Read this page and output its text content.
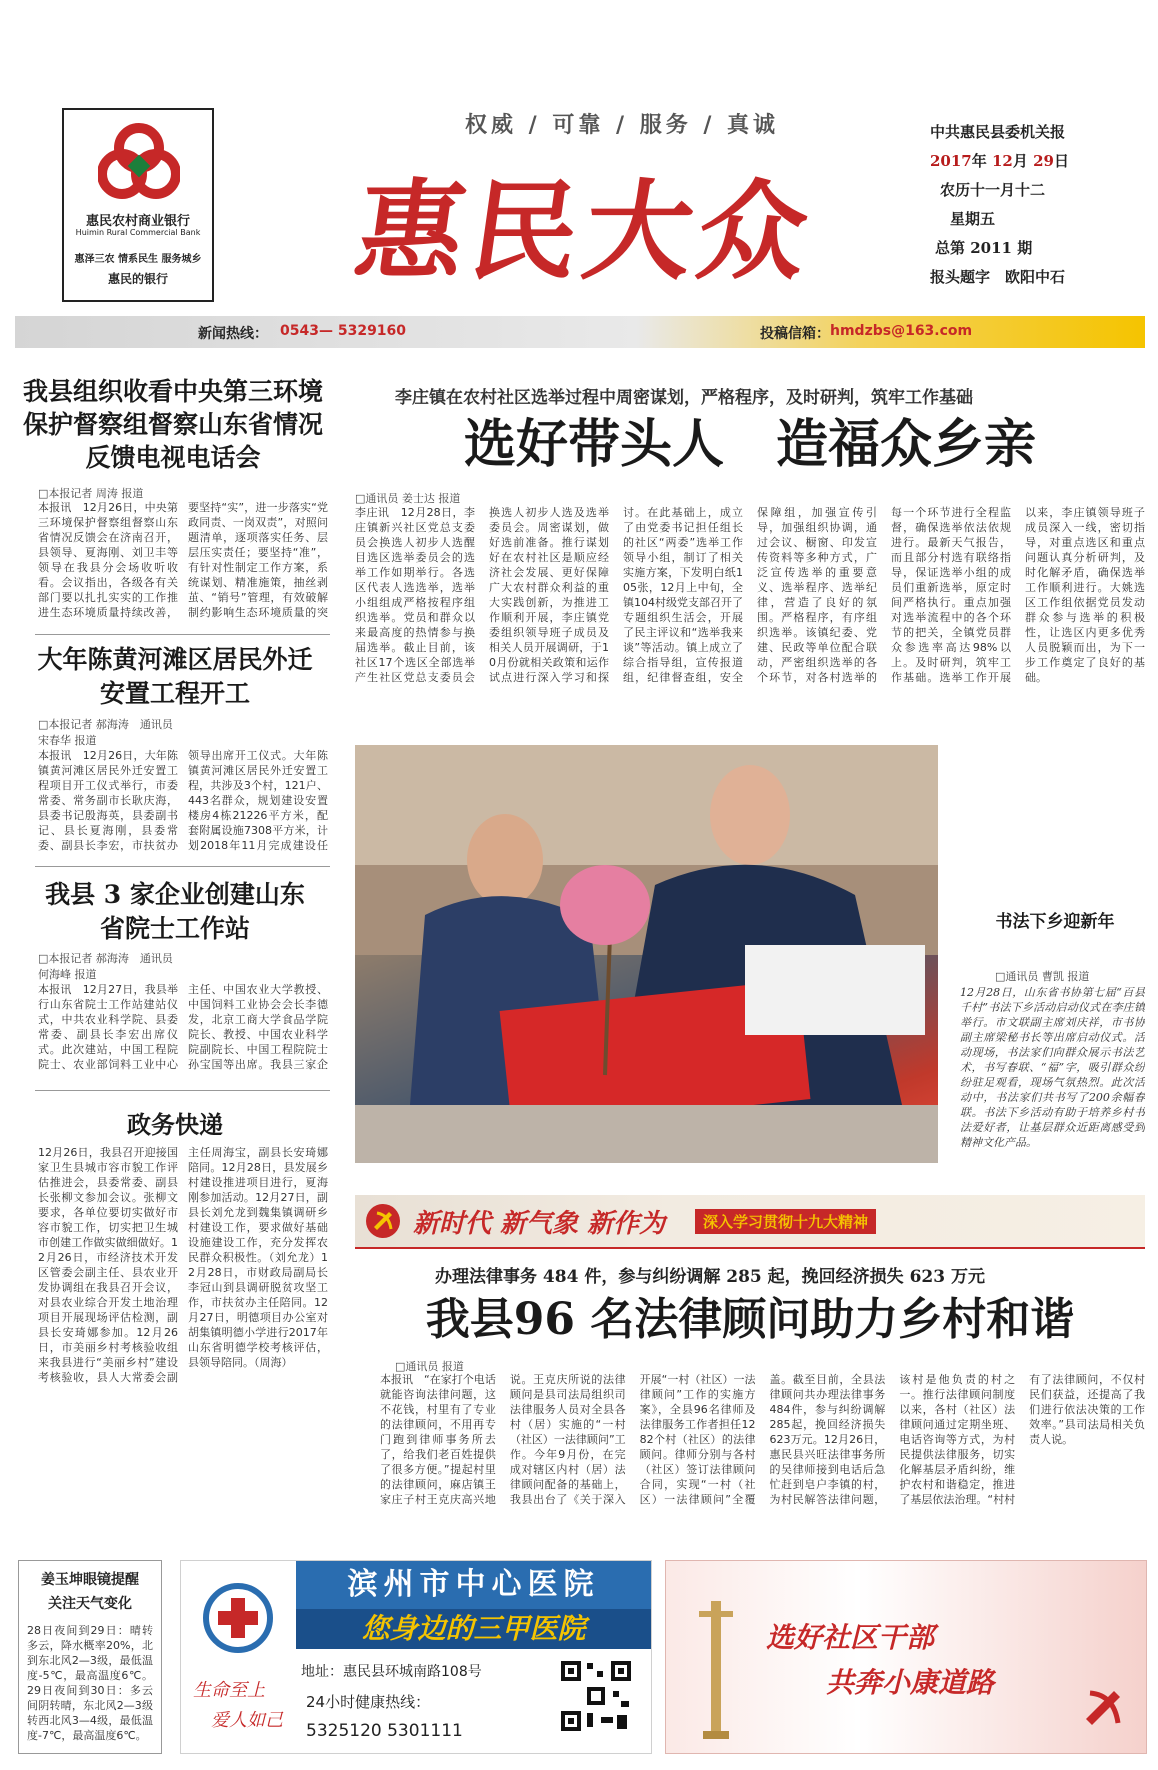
惠民农村商业银行
Huimin Rural Commercial Bank
惠泽三农 情系民生 服务城乡
惠民的银行
权威 / 可靠 / 服务 / 真诚
惠民大众
中共惠民县委机关报
2017年 12月 29日
农历十一月十二
星期五
总第 2011 期
报头题字　欧阳中石
新闻热线： 0543— 5329160	投稿信箱： hmdzbs@163.com
我县组织收看中央第三环境保护督察组督察山东省情况反馈电视电话会
□本报记者 周涛 报道
本报讯　12月26日，中央第三环境保护督察组督察山东省情况反馈会在济南召开，县领导、夏海刚、刘卫丰等领导在我县分会场收听收看。会议指出，各级各有关部门要以扎扎实实的工作推进生态环境质量持续改善，要坚持“实”，进一步落实“党政同责、一岗双责”，对照问题清单，逐项落实任务、层层压实责任；要坚持“准”，有针对性制定工作方案，系统谋划、精准施策，抽丝剥茧、“销号”管理，有效破解制约影响生态环境质量的突
大年陈黄河滩区居民外迁安置工程开工
□本报记者 郝海涛　通讯员 宋春华 报道
本报讯　12月26日，大年陈镇黄河滩区居民外迁安置工程项目开工仪式举行，市委常委、常务副市长耿庆海，县委书记殷海英，县委副书记、县长夏海刚，县委常委、副县长李宏，市扶贫办领导出席开工仪式。大年陈镇黄河滩区居民外迁安置工程，共涉及3个村，121户、443名群众，规划建设安置楼房4栋21226平方米，配套附属设施7308平方米，计划2018年11月完成建设任
我县 3 家企业创建山东省院士工作站
□本报记者 郝海涛　通讯员 何海峰 报道
本报讯　12月27日，我县举行山东省院士工作站建站仪式，中共农业科学院、县委常委、副县长李宏出席仪式。此次建站，中国工程院院士、农业部饲料工业中心主任、中国农业大学教授、中国饲料工业协会会长李德发，北京工商大学食品学院院长、教授、中国农业科学院副院长、中国工程院院士孙宝国等出席。我县三家企
政务快递
12月26日，我县召开迎接国家卫生县城市容市貌工作评估推进会，县委常委、副县长张柳文参加会议。张柳文要求，各单位要切实做好市容市貌工作，切实把卫生城市创建工作做实做细做好。12月26日，市经济技术开发区管委会副主任、县农业开发协调组在我县召开会议，对县农业综合开发土地治理项目开展现场评估检测，副县长安琦娜参加。12月26日，市美丽乡村考核验收组来我县进行“美丽乡村”建设考核验收，县人大常委会副主任周海宝，副县长安琦娜陪同。12月28日，县发展乡村建设推进项目进行，夏海刚参加活动。12月27日，副县长刘允龙到魏集镇调研乡村建设工作，要求做好基础设施建设工作，充分发挥农民群众积极性。（刘允龙）12月28日，市财政局副局长李冠山到县调研脱贫攻坚工作，市扶贫办主任陪同。12月27日，明德项目办公室对胡集镇明德小学进行2017年山东省明德学校考核评估，县领导陪同。（周海）
李庄镇在农村社区选举过程中周密谋划，严格程序，及时研判，筑牢工作基础
选好带头人　造福众乡亲
□通讯员 姜士达 报道
李庄讯　12月28日，李庄镇新兴社区党总支委员会换选人初步人选醒目选区选举委员会的选举工作如期举行。各选区代表人选选举，选举小组组成严格按程序组织选举。党员和群众以来最高度的热情参与换届选举。截止目前，该社区17个选区全部选举产生社区党总支委员会换选人初步人选及选举委员会。周密谋划，做好选前准备。推行谋划好在农村社区是顺应经济社会发展、更好保障广大农村群众利益的重大实践创新，为推进工作顺利开展，李庄镇党委组织领导班子成员及相关人员开展调研，于10月份就相关政策和运作试点进行深入学习和探讨。在此基础上，成立了由党委书记担任组长的社区“两委”选举工作领导小组，制订了相关实施方案，下发明白纸105张，12月上中旬，全镇104村级党支部召开了专题组织生活会，开展了民主评议和“选举我来谈”等活动。镇上成立了综合指导组，宣传报道组，纪律督查组，安全保障组，加强宣传引导，加强组织协调，通过会议、橱窗、印发宣传资料等多种方式，广泛宣传选举的重要意义、选举程序、选举纪律，营造了良好的氛围。严格程序，有序组织选举。该镇纪委、党建、民政等单位配合联动，严密组织选举的各个环节，对各村选举的每一个环节进行全程监督，确保选举依法依规进行。最新天气报告，而且部分村选有联络指导，保证选举小组的成员们重新选举，原定时间严格执行。重点加强对选举流程中的各个环节的把关，全镇党员群众参选率高达98%以上。及时研判，筑牢工作基础。选举工作开展以来，李庄镇领导班子成员深入一线，密切指导，对重点选区和重点问题认真分析研判，及时化解矛盾，确保选举工作顺利进行。大姚选区工作组依据党员发动群众参与选举的积极性，让选区内更多优秀人员脱颖而出，为下一步工作奠定了良好的基础。
书法下乡迎新年
□通讯员 曹凯 报道
12月28日，山东省书协第七届“百县千村”书法下乡活动启动仪式在李庄镇举行。市文联副主席刘庆祥，市书协副主席梁秘书长等出席启动仪式。活动现场，书法家们向群众展示书法艺术，书写春联、“福”字，吸引群众纷纷驻足观看，现场气氛热烈。此次活动中，书法家们共书写了200余幅春联。书法下乡活动有助于培养乡村书法爱好者，让基层群众近距离感受到精神文化产品。
新时代 新气象 新作为	深入学习贯彻十九大精神
办理法律事务 484 件，参与纠纷调解 285 起，挽回经济损失 623 万元
我县96 名法律顾问助力乡村和谐
□通讯员 报道
本报讯　“在家打个电话就能咨询法律问题，这不花钱，村里有了专业的法律顾问，不用再专门跑到律师事务所去了，给我们老百姓提供了很多方便。”提起村里的法律顾问，麻店镇王家庄子村王克庆高兴地说。王克庆所说的法律顾问是县司法局组织司法律服务人员对全县各村（居）实施的“一村（社区）一法律顾问”工作。今年9月份，在完成对辖区内村（居）法律顾问配备的基础上，我县出台了《关于深入开展“一村（社区）一法律顾问”工作的实施方案》，全县96名律师及法律服务工作者担任1282个村（社区）的法律顾问。律师分别与各村（社区）签订法律顾问合同，实现“一村（社区）一法律顾问”全覆盖。截至目前，全县法律顾问共办理法律事务484件，参与纠纷调解285起，挽回经济损失623万元。12月26日，惠民县兴旺法律事务所的吴律师接到电话后急忙赶到皂户李镇的村，为村民解答法律问题，该村是他负责的村之一。推行法律顾问制度以来，各村（社区）法律顾问通过定期坐班、电话咨询等方式，为村民提供法律服务，切实化解基层矛盾纠纷，维护农村和谐稳定，推进了基层依法治理。“村村有了法律顾问，不仅村民们获益，还提高了我们进行依法决策的工作效率。”县司法局相关负责人说。
姜玉坤眼镜提醒
关注天气变化
28日夜间到29日：晴转多云，降水概率20%，北到东北风2—3级，最低温度-5℃，最高温度6℃。29日夜间到30日：多云间阴转晴，东北风2—3级转西北风3—4级，最低温度-7℃，最高温度6℃。
滨州市中心医院
您身边的三甲医院
生命至上
爱人如己
地址：惠民县环城南路108号
24小时健康热线：
5325120 5301111
选好社区干部
共奔小康道路
